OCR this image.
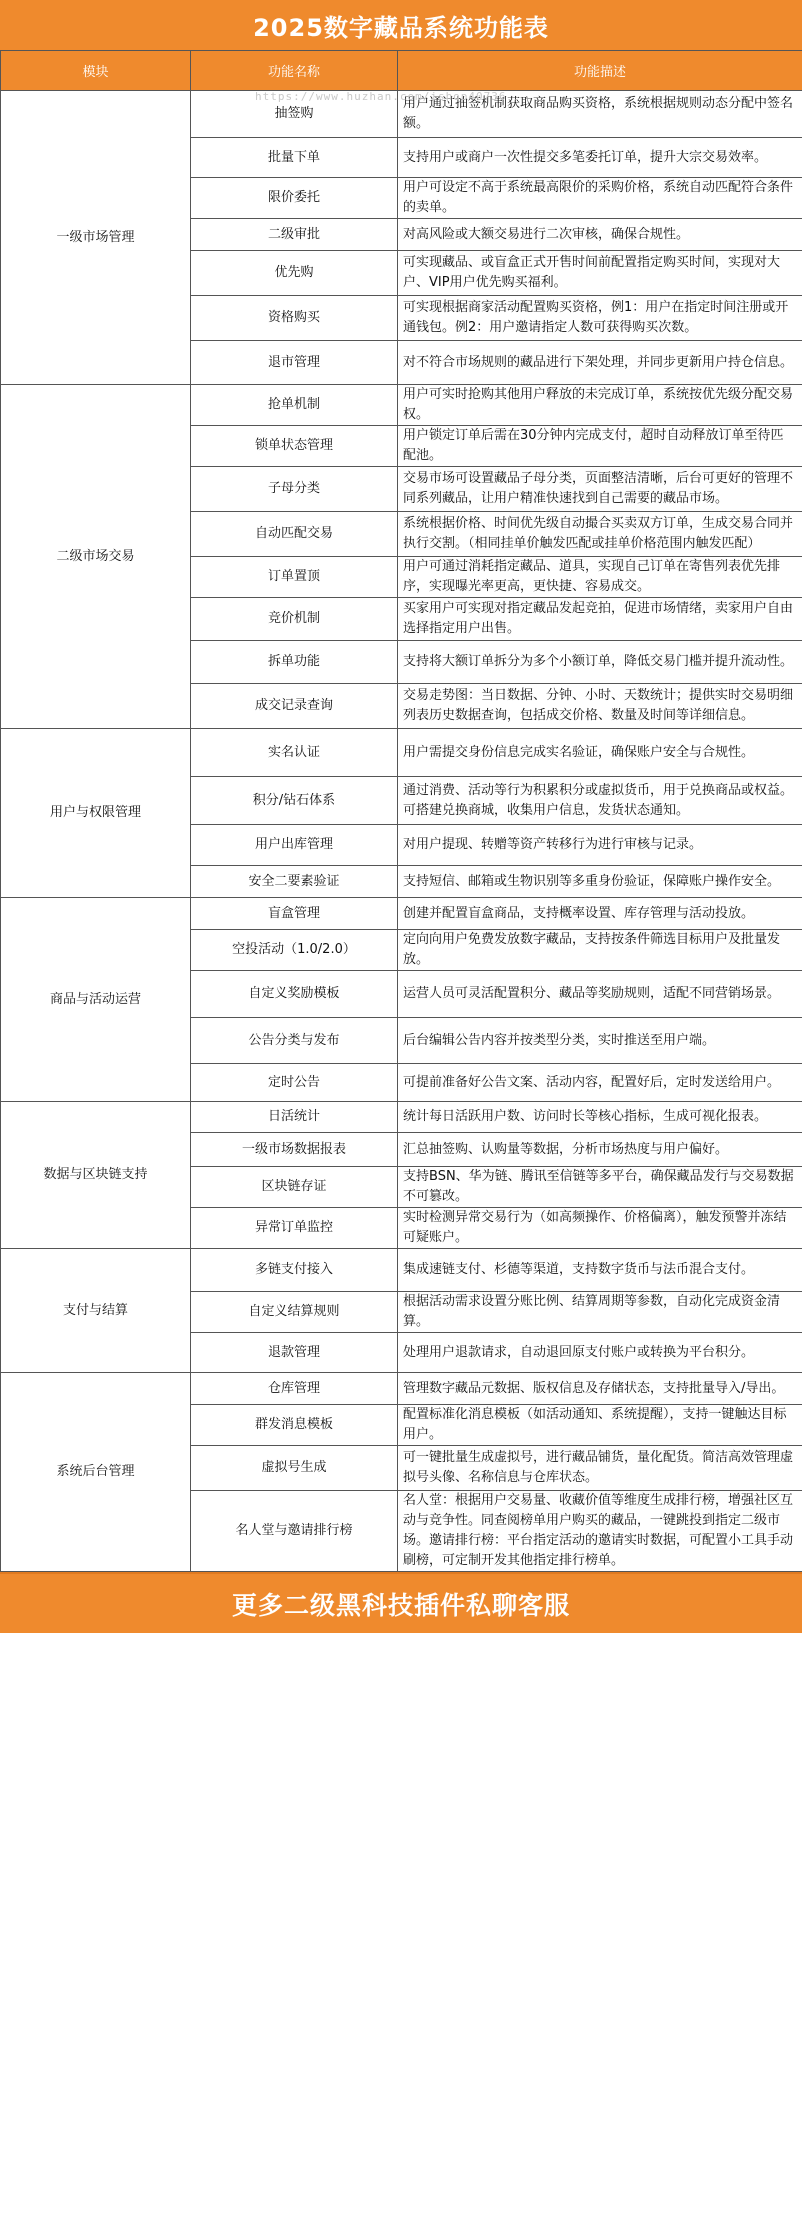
2025数字藏品系统功能表
https://www.huzhan.com/ishop40736
模块	功能名称	功能描述
一级市场管理	抽签购	用户通过抽签机制获取商品购买资格，系统根据规则动态分配中签名额。
	批量下单	支持用户或商户一次性提交多笔委托订单，提升大宗交易效率。
	限价委托	用户可设定不高于系统最高限价的采购价格，系统自动匹配符合条件的卖单。
	二级审批	对高风险或大额交易进行二次审核，确保合规性。
	优先购	可实现藏品、或盲盒正式开售时间前配置指定购买时间，实现对大户、VIP用户优先购买福利。
	资格购买	可实现根据商家活动配置购买资格，例1：用户在指定时间注册或开通钱包。例2：用户邀请指定人数可获得购买次数。
	退市管理	对不符合市场规则的藏品进行下架处理，并同步更新用户持仓信息。
二级市场交易	抢单机制	用户可实时抢购其他用户释放的未完成订单，系统按优先级分配交易权。
	锁单状态管理	用户锁定订单后需在30分钟内完成支付，超时自动释放订单至待匹配池。
	子母分类	交易市场可设置藏品子母分类，页面整洁清晰，后台可更好的管理不同系列藏品，让用户精准快速找到自己需要的藏品市场。
	自动匹配交易	系统根据价格、时间优先级自动撮合买卖双方订单，生成交易合同并执行交割。（相同挂单价触发匹配或挂单价格范围内触发匹配）
	订单置顶	用户可通过消耗指定藏品、道具，实现自己订单在寄售列表优先排序，实现曝光率更高，更快捷、容易成交。
	竞价机制	买家用户可实现对指定藏品发起竞拍，促进市场情绪，卖家用户自由选择指定用户出售。
	拆单功能	支持将大额订单拆分为多个小额订单，降低交易门槛并提升流动性。
	成交记录查询	交易走势图：当日数据、分钟、小时、天数统计；提供实时交易明细列表历史数据查询，包括成交价格、数量及时间等详细信息。
用户与权限管理	实名认证	用户需提交身份信息完成实名验证，确保账户安全与合规性。
	积分/钻石体系	通过消费、活动等行为积累积分或虚拟货币，用于兑换商品或权益。可搭建兑换商城，收集用户信息，发货状态通知。
	用户出库管理	对用户提现、转赠等资产转移行为进行审核与记录。
	安全二要素验证	支持短信、邮箱或生物识别等多重身份验证，保障账户操作安全。
商品与活动运营	盲盒管理	创建并配置盲盒商品，支持概率设置、库存管理与活动投放。
	空投活动（1.0/2.0）	定向向用户免费发放数字藏品，支持按条件筛选目标用户及批量发放。
	自定义奖励模板	运营人员可灵活配置积分、藏品等奖励规则，适配不同营销场景。
	公告分类与发布	后台编辑公告内容并按类型分类，实时推送至用户端。
	定时公告	可提前准备好公告文案、活动内容，配置好后，定时发送给用户。
数据与区块链支持	日活统计	统计每日活跃用户数、访问时长等核心指标，生成可视化报表。
	一级市场数据报表	汇总抽签购、认购量等数据，分析市场热度与用户偏好。
	区块链存证	支持BSN、华为链、腾讯至信链等多平台，确保藏品发行与交易数据不可篡改。
	异常订单监控	实时检测异常交易行为（如高频操作、价格偏离），触发预警并冻结可疑账户。
支付与结算	多链支付接入	集成速链支付、杉德等渠道，支持数字货币与法币混合支付。
	自定义结算规则	根据活动需求设置分账比例、结算周期等参数，自动化完成资金清算。
	退款管理	处理用户退款请求，自动退回原支付账户或转换为平台积分。
系统后台管理	仓库管理	管理数字藏品元数据、版权信息及存储状态，支持批量导入/导出。
	群发消息模板	配置标准化消息模板（如活动通知、系统提醒），支持一键触达目标用户。
	虚拟号生成	可一键批量生成虚拟号，进行藏品铺货，量化配货。简洁高效管理虚拟号头像、名称信息与仓库状态。
	名人堂与邀请排行榜	名人堂：根据用户交易量、收藏价值等维度生成排行榜，增强社区互动与竞争性。同查阅榜单用户购买的藏品，一键跳投到指定二级市场。邀请排行榜：平台指定活动的邀请实时数据，可配置小工具手动刷榜，可定制开发其他指定排行榜单。
更多二级黑科技插件私聊客服
